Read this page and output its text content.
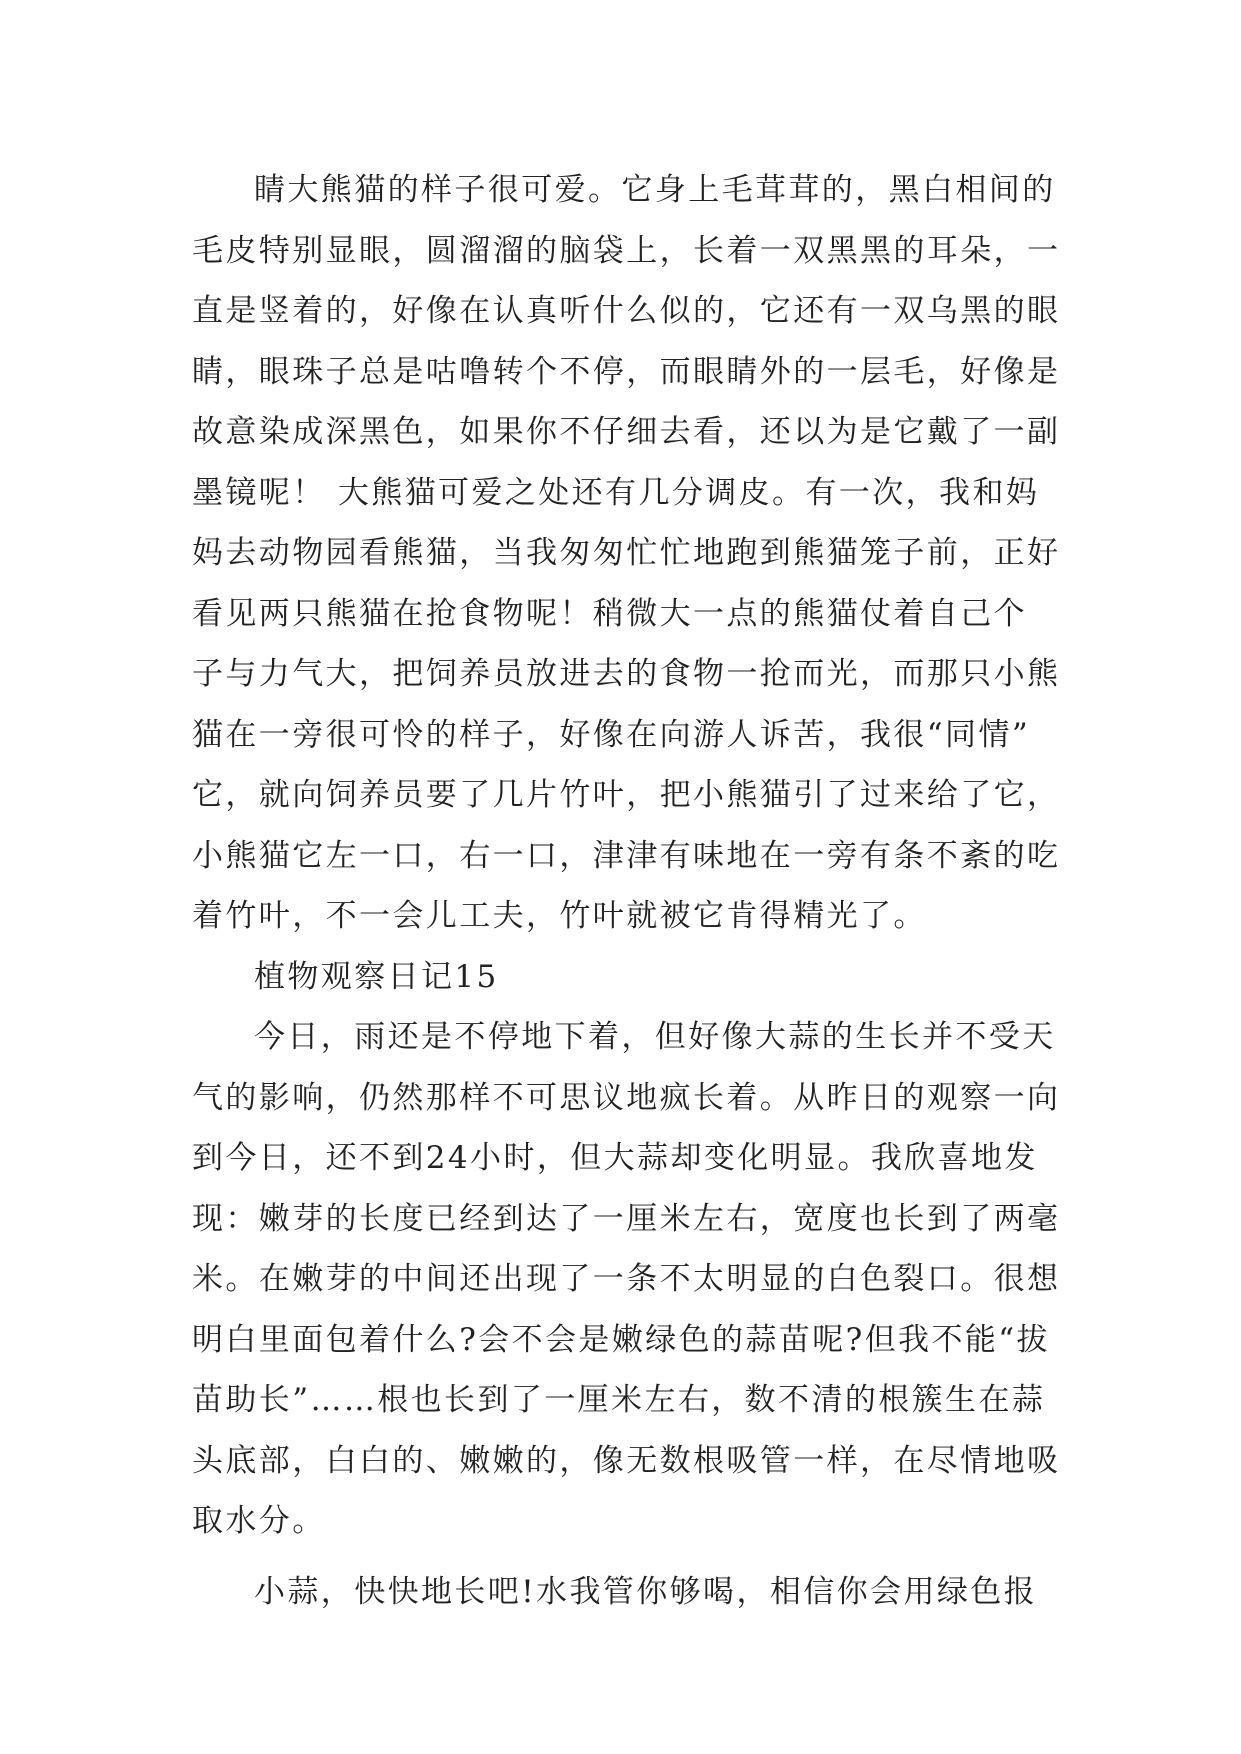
睛大熊猫的样子很可爱。它身上毛茸茸的，黑白相间的
毛皮特别显眼，圆溜溜的脑袋上，长着一双黑黑的耳朵，一
直是竖着的，好像在认真听什么似的，它还有一双乌黑的眼
睛，眼珠子总是咕噜转个不停，而眼睛外的一层毛，好像是
故意染成深黑色，如果你不仔细去看，还以为是它戴了一副
墨镜呢！ 大熊猫可爱之处还有几分调皮。有一次，我和妈
妈去动物园看熊猫，当我匆匆忙忙地跑到熊猫笼子前，正好
看见两只熊猫在抢食物呢！稍微大一点的熊猫仗着自己个
子与力气大，把饲养员放进去的食物一抢而光，而那只小熊
猫在一旁很可怜的样子，好像在向游人诉苦，我很“同情”
它，就向饲养员要了几片竹叶，把小熊猫引了过来给了它，
小熊猫它左一口，右一口，津津有味地在一旁有条不紊的吃
着竹叶，不一会儿工夫，竹叶就被它肯得精光了。

植物观察日记15

今日，雨还是不停地下着，但好像大蒜的生长并不受天
气的影响，仍然那样不可思议地疯长着。从昨日的观察一向
到今日，还不到24小时，但大蒜却变化明显。我欣喜地发
现：嫩芽的长度已经到达了一厘米左右，宽度也长到了两毫
米。在嫩芽的中间还出现了一条不太明显的白色裂口。很想
明白里面包着什么?会不会是嫩绿色的蒜苗呢?但我不能“拔
苗助长”……根也长到了一厘米左右，数不清的根簇生在蒜
头底部，白白的、嫩嫩的，像无数根吸管一样，在尽情地吸
取水分。

小蒜，快快地长吧!水我管你够喝，相信你会用绿色报
